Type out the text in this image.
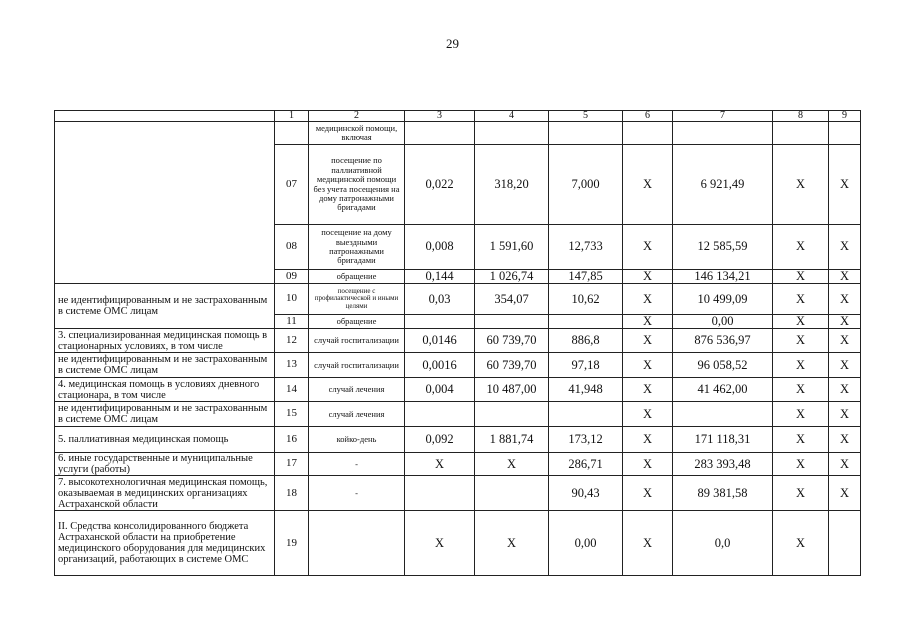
29
	1	2	3	4	5	6	7	8	9
		медицинской помощи, включая							
	07	посещение по паллиативной медицинской помощи без учета посещения на дому патронажными бригадами	0,022	318,20	7,000	X	6 921,49	X	X
	08	посещение на дому выездными патронажными бригадами	0,008	1 591,60	12,733	X	12 585,59	X	X
	09	обращение	0,144	1 026,74	147,85	X	146 134,21	X	X
не идентифицированным и не застрахованным в системе ОМС лицам	10	посещение с профилактической и иными целями	0,03	354,07	10,62	X	10 499,09	X	X
	11	обращение				X	0,00	X	X
3. специализированная медицинская помощь в стационарных условиях, в том числе	12	случай госпитализации	0,0146	60 739,70	886,8	X	876 536,97	X	X
не идентифицированным и не застрахованным в системе ОМС лицам	13	случай госпитализации	0,0016	60 739,70	97,18	X	96 058,52	X	X
4. медицинская помощь в условиях дневного стационара, в том числе	14	случай лечения	0,004	10 487,00	41,948	X	41 462,00	X	X
не идентифицированным и не застрахованным в системе ОМС лицам	15	случай лечения				X		X	X
5. паллиативная медицинская помощь	16	койко-день	0,092	1 881,74	173,12	X	171 118,31	X	X
6. иные государственные и муниципальные услуги (работы)	17	-	X	X	286,71	X	283 393,48	X	X
7. высокотехнологичная медицинская помощь, оказываемая в медицинских организациях Астраханской области	18	-			90,43	X	89 381,58	X	X
II. Средства консолидированного бюджета Астраханской области на приобретение медицинского оборудования для медицинских организаций, работающих в системе ОМС	19		X	X	0,00	X	0,0	X	
